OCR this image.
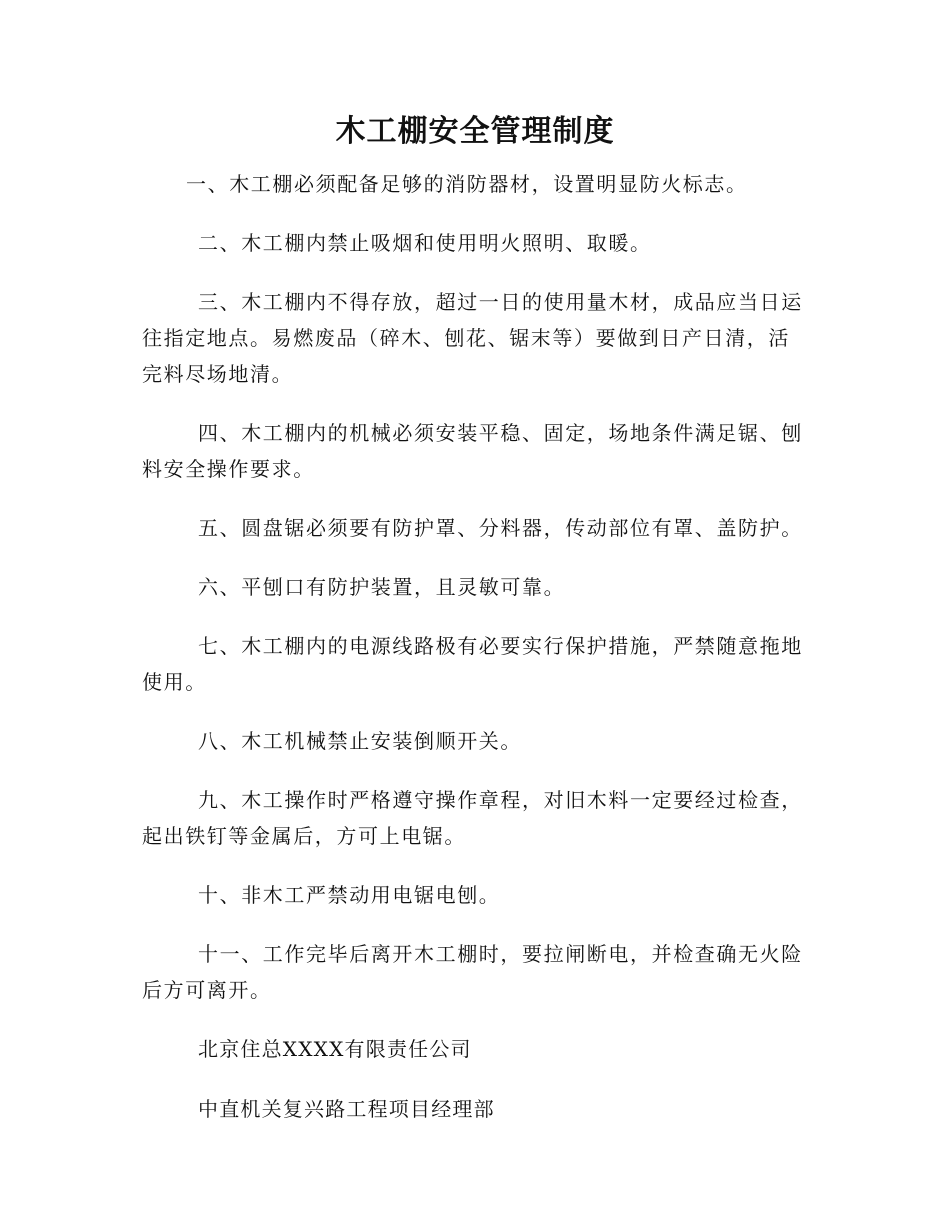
木工棚安全管理制度

一、木工棚必须配备足够的消防器材，设置明显防火标志。

二、木工棚内禁止吸烟和使用明火照明、取暖。

三、木工棚内不得存放，超过一日的使用量木材，成品应当日运往指定地点。易燃废品（碎木、刨花、锯末等）要做到日产日清，活完料尽场地清。

四、木工棚内的机械必须安装平稳、固定，场地条件满足锯、刨料安全操作要求。

五、圆盘锯必须要有防护罩、分料器，传动部位有罩、盖防护。

六、平刨口有防护装置，且灵敏可靠。

七、木工棚内的电源线路极有必要实行保护措施，严禁随意拖地使用。

八、木工机械禁止安装倒顺开关。

九、木工操作时严格遵守操作章程，对旧木料一定要经过检查，起出铁钉等金属后，方可上电锯。

十、非木工严禁动用电锯电刨。

十一、工作完毕后离开木工棚时，要拉闸断电，并检查确无火险后方可离开。

北京住总XXXX有限责任公司

中直机关复兴路工程项目经理部
